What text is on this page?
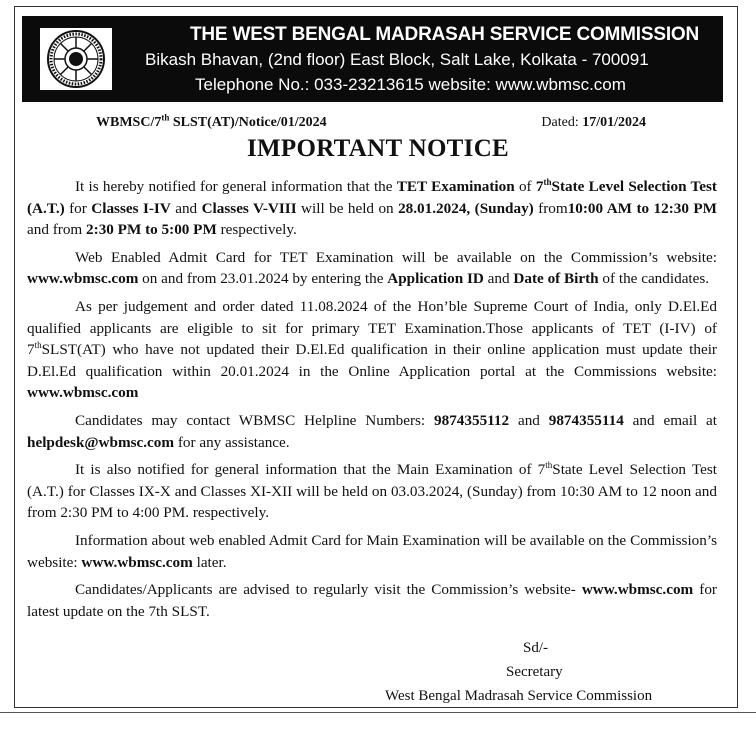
THE WEST BENGAL MADRASAH SERVICE COMMISSION
Bikash Bhavan, (2nd floor) East Block, Salt Lake, Kolkata - 700091
Telephone No.: 033-23213615 website: www.wbmsc.com
WBMSC/7th SLST(AT)/Notice/01/2024	Dated: 17/01/2024
IMPORTANT NOTICE

It is hereby notified for general information that the TET Examination of 7thState Level Selection Test (A.T.) for Classes I-IV and Classes V-VIII will be held on 28.01.2024, (Sunday) from10:00 AM to 12:30 PM and from 2:30 PM to 5:00 PM respectively.

Web Enabled Admit Card for TET Examination will be available on the Commission’s website: www.wbmsc.com on and from 23.01.2024 by entering the Application ID and Date of Birth of the candidates.

As per judgement and order dated 11.08.2024 of the Hon’ble Supreme Court of India, only D.El.Ed qualified applicants are eligible to sit for primary TET Examination.Those applicants of TET (I-IV) of 7thSLST(AT) who have not updated their D.El.Ed qualification in their online application must update their D.El.Ed qualification within 20.01.2024 in the Online Application portal at the Commissions website: www.wbmsc.com

Candidates may contact WBMSC Helpline Numbers: 9874355112 and 9874355114 and email at helpdesk@wbmsc.com for any assistance.

It is also notified for general information that the Main Examination of 7thState Level Selection Test (A.T.) for Classes IX-X and Classes XI-XII will be held on 03.03.2024, (Sunday) from 10:30 AM to 12 noon and from 2:30 PM to 4:00 PM. respectively.

Information about web enabled Admit Card for Main Examination will be available on the Commission’s website: www.wbmsc.com later.

Candidates/Applicants are advised to regularly visit the Commission’s website- www.wbmsc.com for latest update on the 7th SLST.

Sd/-
Secretary
West Bengal Madrasah Service Commission
